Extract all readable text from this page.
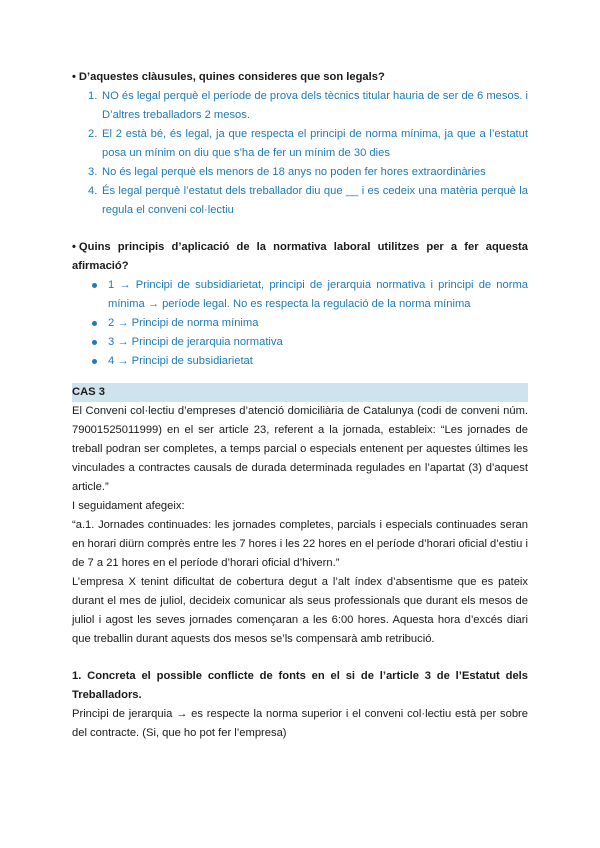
• D’aquestes clàusules, quines consideres que son legals?

1. NO és legal perquè el període de prova dels tècnics titular hauria de ser de 6 mesos. i D’altres treballadors 2 mesos.
2. El 2 està bé, és legal, ja que respecta el principi de norma mínima, ja que a l’estatut posa un mínim on diu que s’ha de fer un mínim de 30 dies
3. No és legal perquè els menors de 18 anys no poden fer hores extraordinàries
4. És legal perquè l’estatut dels treballador diu que __ i es cedeix una matèria perquè la regula el conveni col·lectiu

• Quins principis d’aplicació de la normativa laboral utilitzes per a fer aquesta afirmació?

1 → Principi de subsidiarietat, principi de jerarquia normativa i principi de norma mínima → període legal. No es respecta la regulació de la norma mínima
2 → Principi de norma mínima
3 → Principi de jerarquia normativa
4 → Principi de subsidiarietat
CAS 3

El Conveni col·lectiu d’empreses d’atenció domiciliària de Catalunya (codi de conveni núm. 79001525011999) en el ser article 23, referent a la jornada, estableix: “Les jornades de treball podran ser completes, a temps parcial o especials entenent per aquestes últimes les vinculades a contractes causals de durada determinada regulades en l’apartat (3) d’aquest article.”

I seguidament afegeix:

“a.1. Jornades continuades: les jornades completes, parcials i especials continuades seran en horari diürn comprès entre les 7 hores i les 22 hores en el període d’horari oficial d’estiu i de 7 a 21 hores en el període d’horari oficial d’hivern.”

L’empresa X tenint dificultat de cobertura degut a l’alt índex d’absentisme que es pateix durant el mes de juliol, decideix comunicar als seus professionals que durant els mesos de juliol i agost les seves jornades començaran a les 6:00 hores. Aquesta hora d’excés diari que treballin durant aquests dos mesos se’ls compensarà amb retribució.

1. Concreta el possible conflicte de fonts en el si de l’article 3 de l’Estatut dels Treballadors.

Principi de jerarquia → es respecte la norma superior i el conveni col·lectiu està per sobre del contracte. (Si, que ho pot fer l’empresa)
